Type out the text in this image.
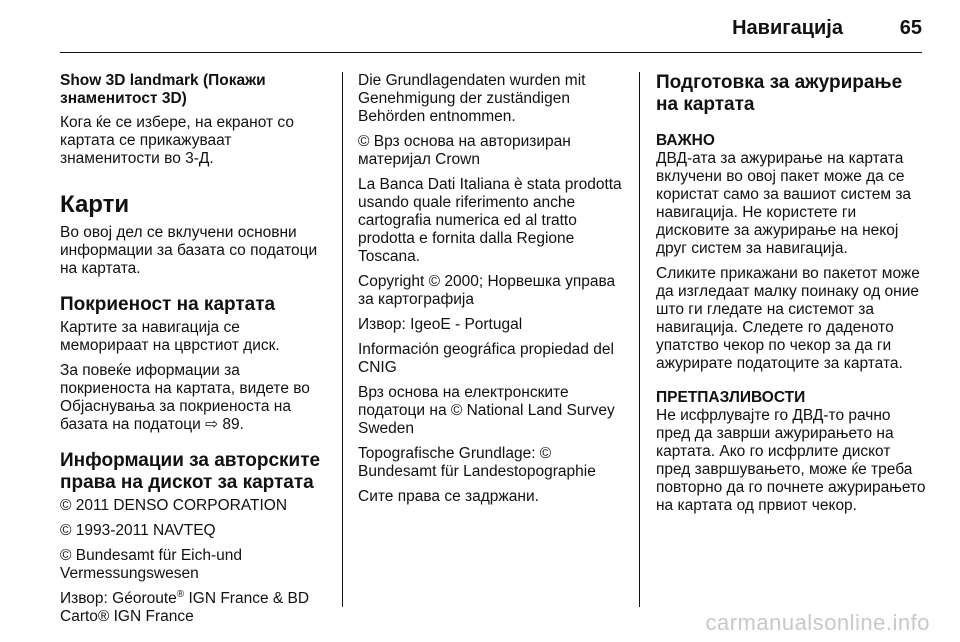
Навигација	65
Show 3D landmark (Покажи знаменитост 3D)

Кога ќе се избере, на екранот со картата се прикажуваат знаменитости во 3-Д.

Карти

Во овој дел се вклучени основни информации за базата со податоци на картата.

Покриеност на картата

Картите за навигација се меморираат на цврстиот диск.

За повеќе иформации за покриеноста на картата, видете во Објаснувања за покриеноста на базата на податоци ⇨ 89.

Информации за авторските права на дискот за картата

© 2011 DENSO CORPORATION

© 1993-2011 NAVTEQ

© Bundesamt für Eich-und Vermessungswesen

Извор: Géoroute® IGN France & BD Carto® IGN France

Die Grundlagendaten wurden mit Genehmigung der zuständigen Behörden entnommen.

© Врз основа на авторизиран материјал Crown

La Banca Dati Italiana è stata prodotta usando quale riferimento anche cartografia numerica ed al tratto prodotta e fornita dalla Regione Toscana.

Copyright © 2000; Норвешка управа за картографија

Извор: IgeoE - Portugal

Información geográfica propiedad del CNIG

Врз основа на електронските податоци на © National Land Survey Sweden

Topografische Grundlage: © Bundesamt für Landestopographie

Сите права се задржани.

Подготовка за ажурирање на картата
ВАЖНО

ДВД-ата за ажурирање на картата вклучени во овој пакет може да се користат само за вашиот систем за навигација. Не користете ги дисковите за ажурирање на некој друг систем за навигација.

Сликите прикажани во пакетот може да изгледаат малку поинаку од оние што ги гледате на системот за навигација. Следете го даденото упатство чекор по чекор за да ги ажурирате податоците за картата.

ПРЕТПАЗЛИВОСТИ

Не исфрлувајте го ДВД-то рачно пред да заврши ажурирањето на картата. Ако го исфрлите дискот пред завршувањето, може ќе треба повторно да го почнете ажурирањето на картата од првиот чекор.

carmanualsonline.info
